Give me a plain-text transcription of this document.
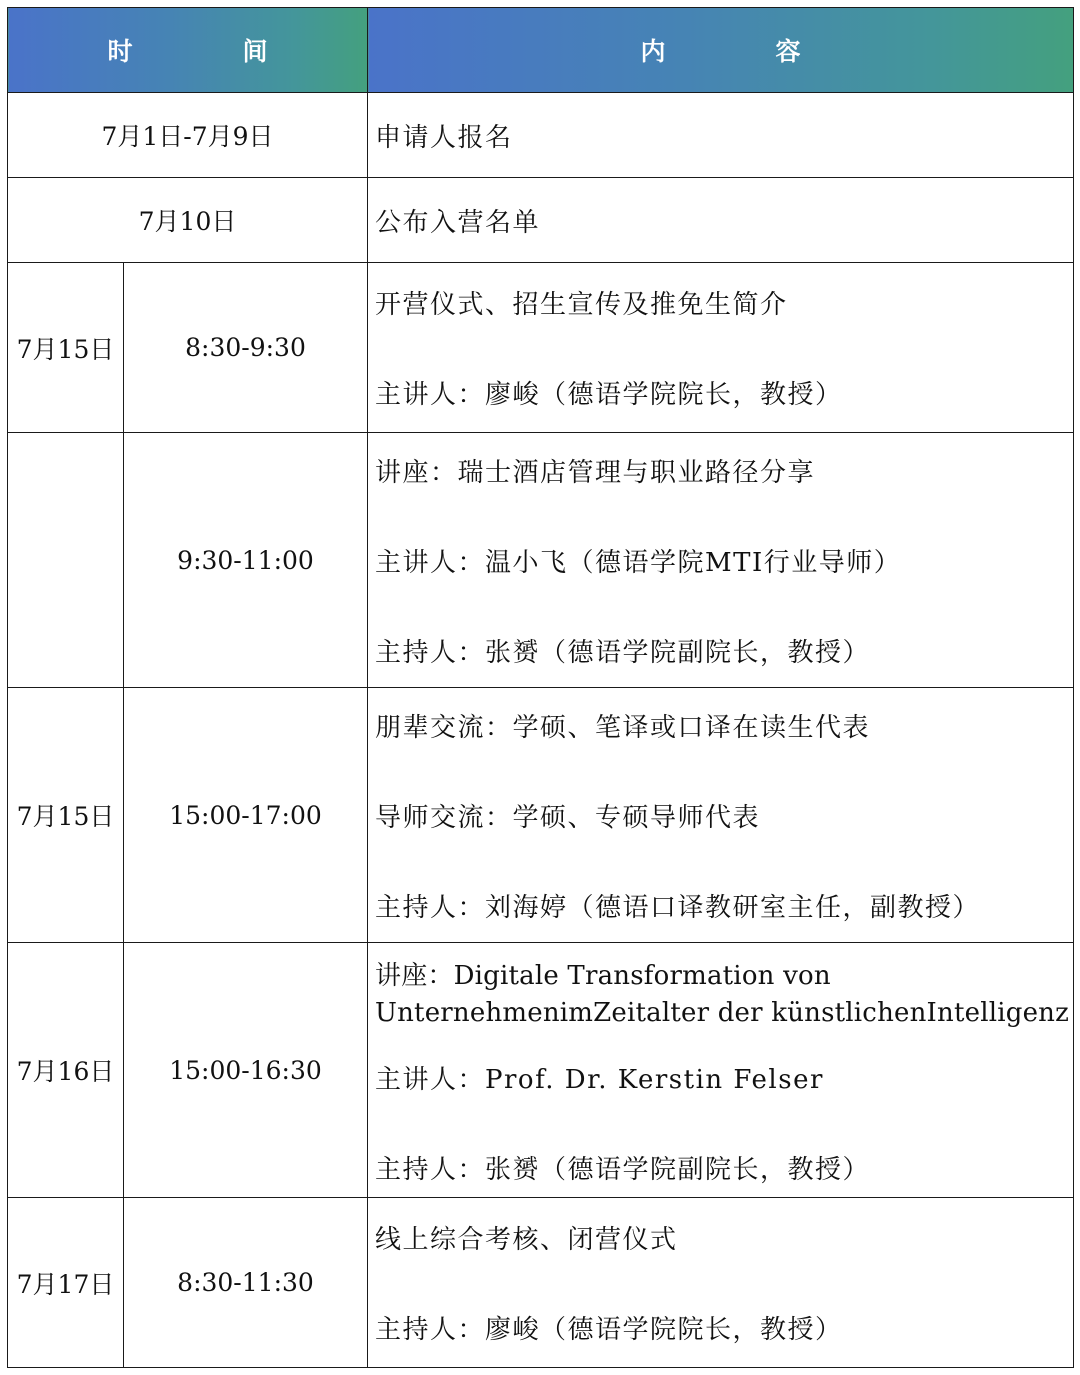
时 间		内 容
7月1日-7月9日		申请人报名

7月10日		公布入营名单

7月15日	8:30-9:30	开营仪式、招生宣传及推免生简介
主讲人：廖峻（德语学院院长，教授）

	9:30-11:00	讲座：瑞士酒店管理与职业路径分享
主讲人：温小飞（德语学院MTI行业导师）
主持人：张赟（德语学院副院长，教授）

7月15日	15:00-17:00	朋辈交流：学硕、笔译或口译在读生代表
导师交流：学硕、专硕导师代表
主持人：刘海婷（德语口译教研室主任，副教授）

7月16日	15:00-16:30	讲座：Digitale Transformation von
UnternehmenimZeitalter der künstlichenIntelligenz
主讲人：Prof. Dr. Kerstin Felser
主持人：张赟（德语学院副院长，教授）

7月17日	8:30-11:30	线上综合考核、闭营仪式
主持人：廖峻（德语学院院长，教授）
